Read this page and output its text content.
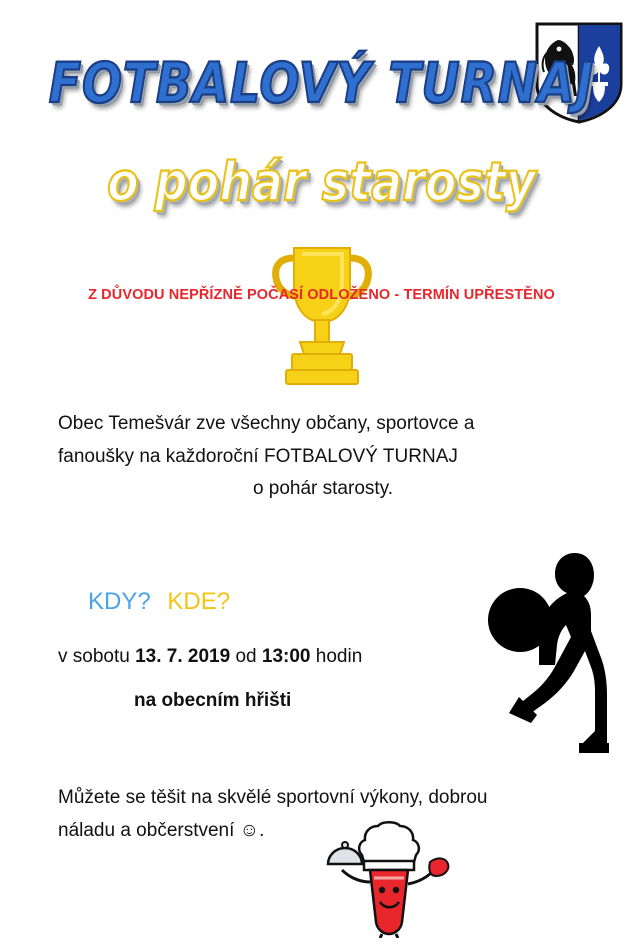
FOTBALOVÝ TURNAJ
o pohár starosty
Z DŮVODU NEPŘÍZNĚ POČASÍ ODLOŽENO - TERMÍN UPŘESTĚNO
Obec Temešvár zve všechny občany, sportovce a
fanoušky na každoroční FOTBALOVÝ TURNAJ
o pohár starosty.
KDY? KDE?
v sobotu 13. 7. 2019 od 13:00 hodin
na obecním hřišti
Můžete se těšit na skvělé sportovní výkony, dobrou
náladu a občerstvení ☺.
